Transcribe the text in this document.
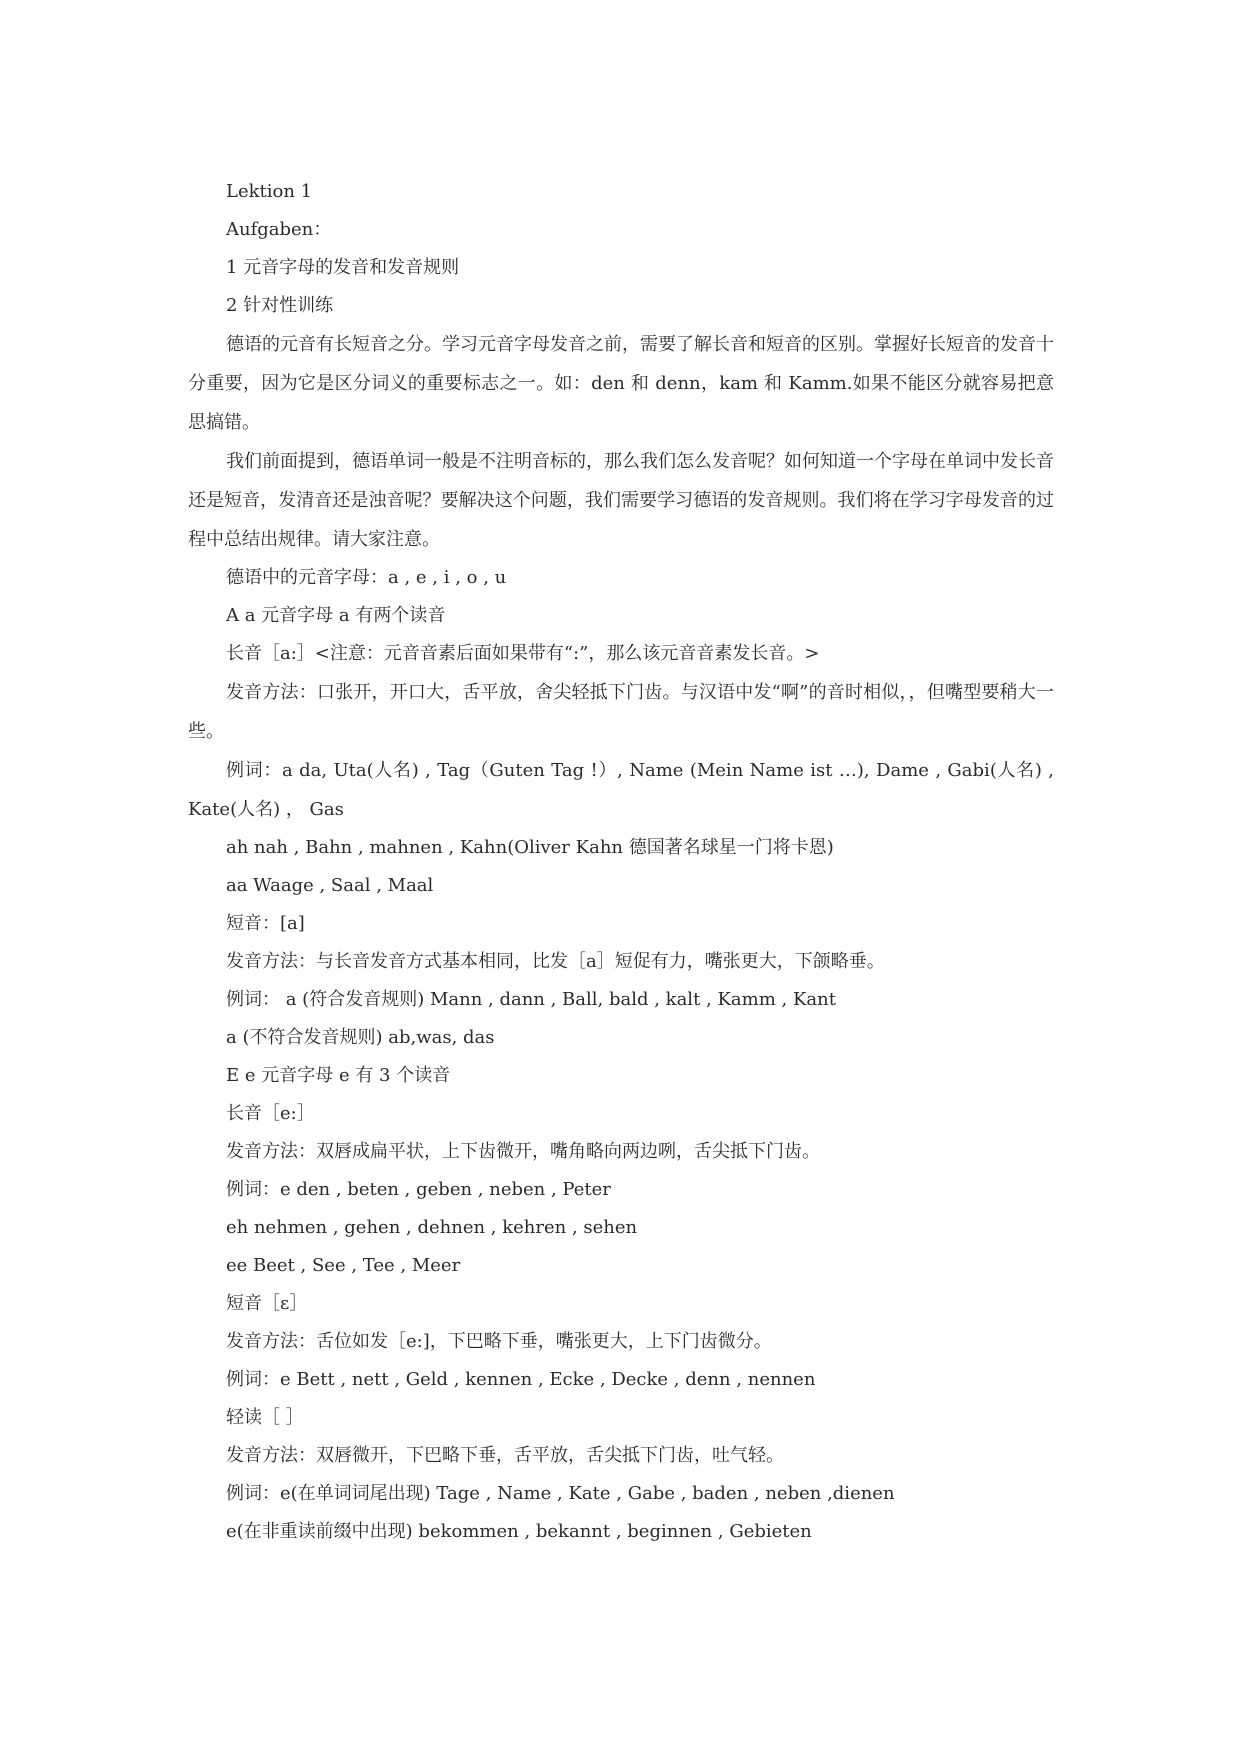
Lektion 1
Aufgaben：
1 元音字母的发音和发音规则
2 针对性训练

德语的元音有长短音之分。学习元音字母发音之前，需要了解长音和短音的区别。掌握好长短音的发音十分重要，因为它是区分词义的重要标志之一。如：den 和 denn，kam 和 Kamm.如果不能区分就容易把意思搞错。

我们前面提到，德语单词一般是不注明音标的，那么我们怎么发音呢？如何知道一个字母在单词中发长音还是短音，发清音还是浊音呢？要解决这个问题，我们需要学习德语的发音规则。我们将在学习字母发音的过程中总结出规律。请大家注意。

德语中的元音字母：a , e , i , o , u
A a 元音字母 a 有两个读音
长音［a:］<注意：元音音素后面如果带有“:”，那么该元音音素发长音。>

发音方法：口张开，开口大，舌平放，舍尖轻抵下门齿。与汉语中发“啊”的音时相似，，但嘴型要稍大一些。

例词：a da, Uta(人名) , Tag（Guten Tag !）, Name (Mein Name ist …), Dame , Gabi(人名) , Kate(人名) ， Gas

ah nah , Bahn , mahnen , Kahn(Oliver Kahn 德国著名球星一门将卡恩)
aa Waage , Saal , Maal
短音：[a]
发音方法：与长音发音方式基本相同，比发［a］短促有力，嘴张更大，下颌略垂。
例词： a (符合发音规则) Mann , dann , Ball, bald , kalt , Kamm , Kant
a (不符合发音规则) ab,was, das
E e 元音字母 e 有 3 个读音
长音［e:］
发音方法：双唇成扁平状，上下齿微开，嘴角略向两边咧，舌尖抵下门齿。
例词：e den , beten , geben , neben , Peter
eh nehmen , gehen , dehnen , kehren , sehen
ee Beet , See , Tee , Meer
短音［ɛ］
发音方法：舌位如发［e:]，下巴略下垂，嘴张更大，上下门齿微分。
例词：e Bett , nett , Geld , kennen , Ecke , Decke , denn , nennen
轻读［ ］
发音方法：双唇微开，下巴略下垂，舌平放，舌尖抵下门齿，吐气轻。
例词：e(在单词词尾出现) Tage , Name , Kate , Gabe , baden , neben ,dienen
e(在非重读前缀中出现) bekommen , bekannt , beginnen , Gebieten
